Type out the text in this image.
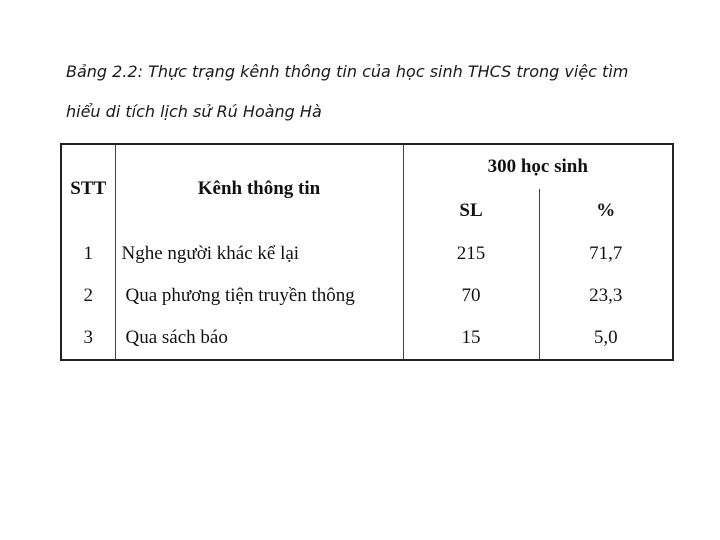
Bảng 2.2: Thực trạng kênh thông tin của học sinh THCS trong việc tìm
hiểu di tích lịch sử Rú Hoàng Hà
STT	Kênh thông tin	300 học sinh	
		SL	%
1	Nghe người khác kể lại	215	71,7
2	Qua phương tiện truyền thông	70	23,3
3	Qua sách báo	15	5,0
